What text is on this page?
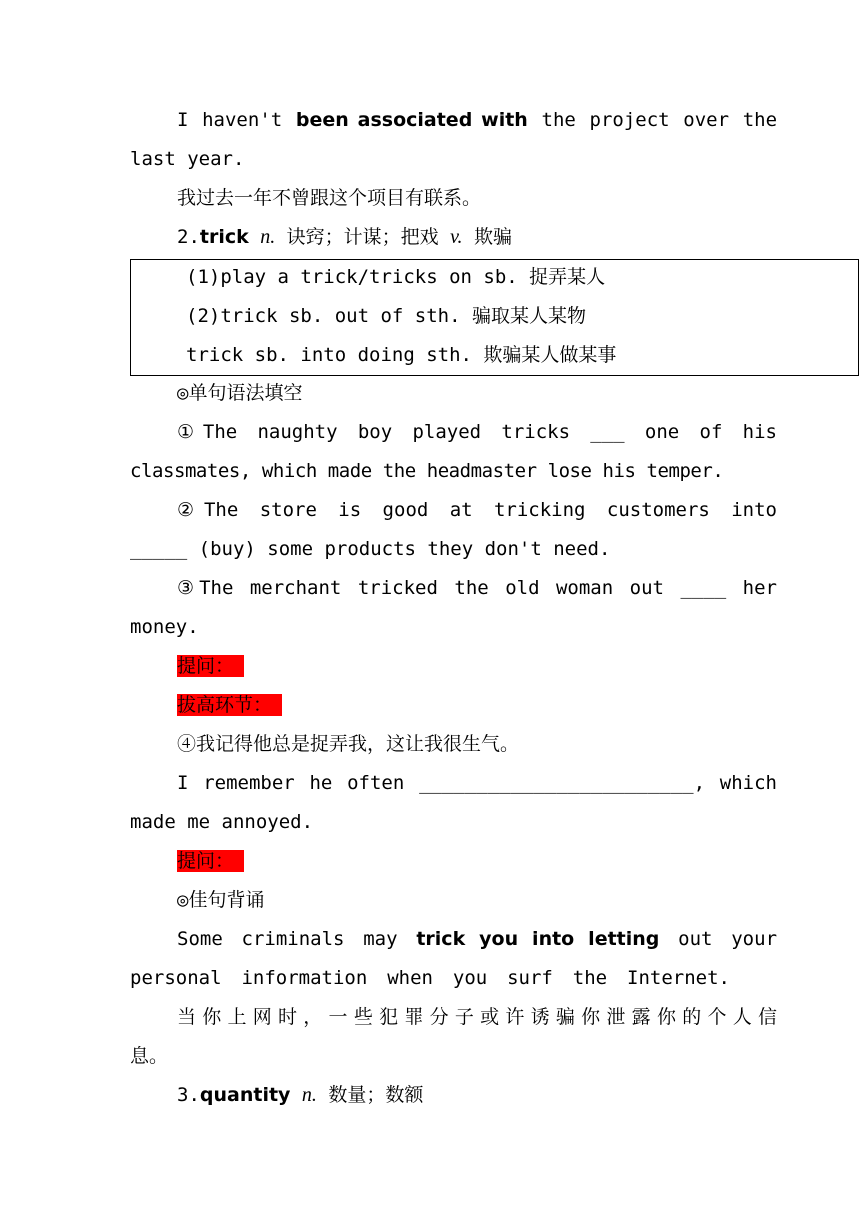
I haven't been associated with the project over the
last year.
我过去一年不曾跟这个项目有联系。
2.trick n. 诀窍；计谋；把戏 v. 欺骗
(1)play a trick/tricks on sb. 捉弄某人
(2)trick sb. out of sth. 骗取某人某物
trick sb. into doing sth. 欺骗某人做某事
◎单句语法填空
①The naughty boy played tricks ___ one of his
classmates, which made the headmaster lose his temper.
②The store is good at tricking customers into
_____ (buy) some products they don't need.
③The merchant tricked the old woman out ____ her
money.
提问：
拔高环节：
④我记得他总是捉弄我，这让我很生气。
I remember he often ________________________, which
made me annoyed.
提问：
◎佳句背诵
Some criminals may trick you into letting out your
personal information when you surf the Internet.
当你上网时，一些犯罪分子或许诱骗你泄露你的个人信
息。
3.quantity n. 数量；数额
